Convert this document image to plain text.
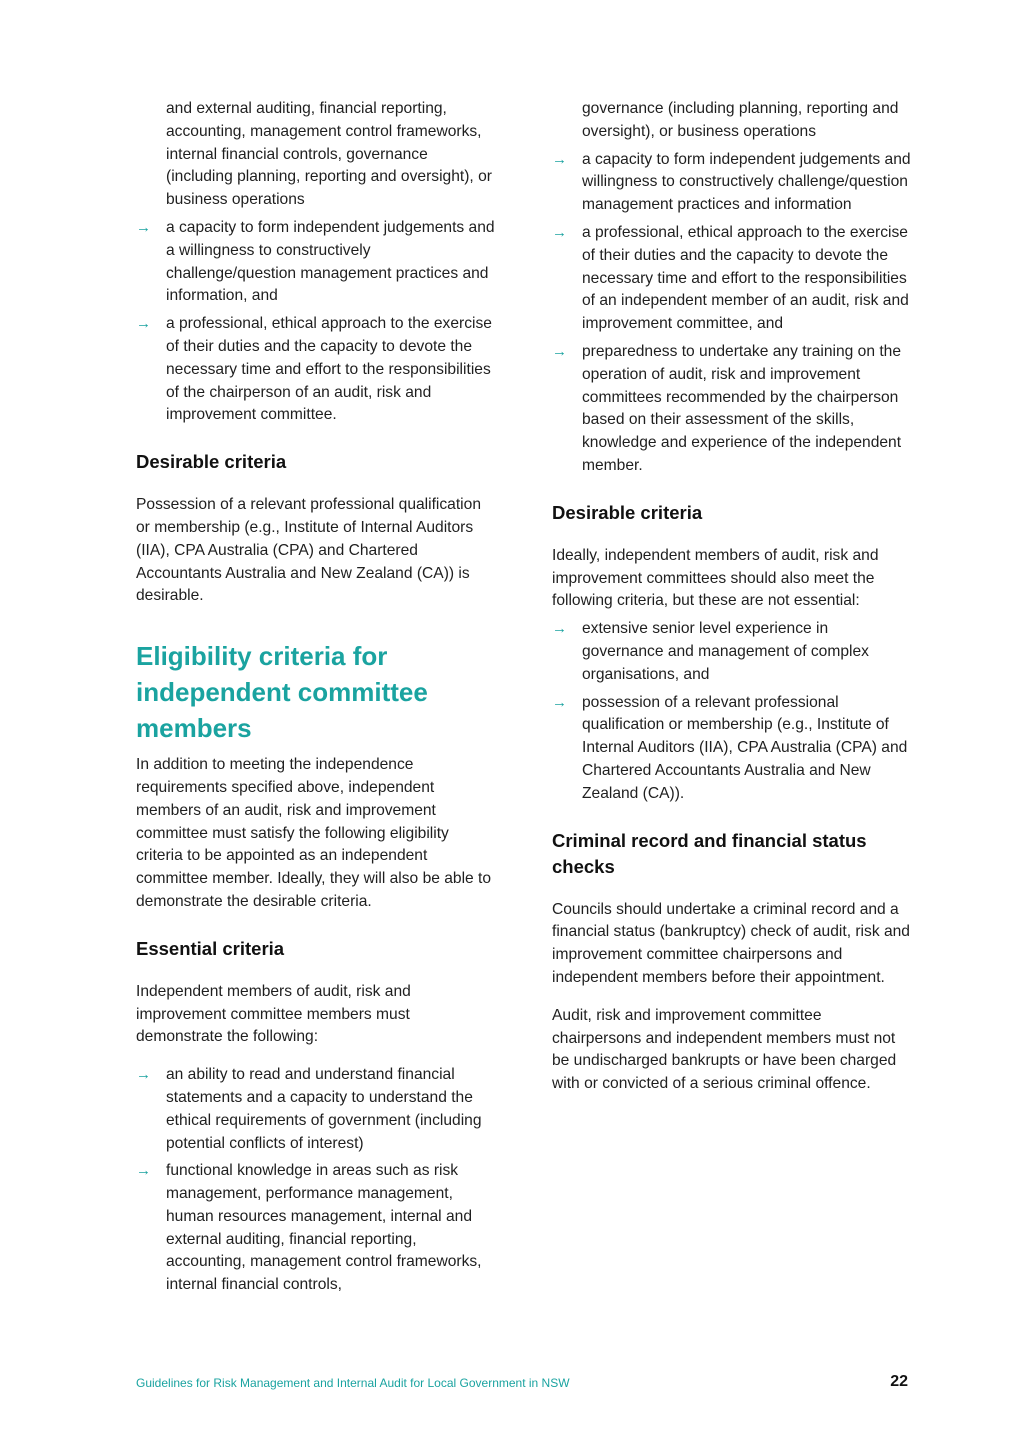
and external auditing, financial reporting, accounting, management control frameworks, internal financial controls, governance (including planning, reporting and oversight), or business operations
→ a capacity to form independent judgements and a willingness to constructively challenge/question management practices and information, and
→ a professional, ethical approach to the exercise of their duties and the capacity to devote the necessary time and effort to the responsibilities of the chairperson of an audit, risk and improvement committee.
Desirable criteria

Possession of a relevant professional qualification or membership (e.g., Institute of Internal Auditors (IIA), CPA Australia (CPA) and Chartered Accountants Australia and New Zealand (CA)) is desirable.

Eligibility criteria for independent committee members

In addition to meeting the independence requirements specified above, independent members of an audit, risk and improvement committee must satisfy the following eligibility criteria to be appointed as an independent committee member. Ideally, they will also be able to demonstrate the desirable criteria.

Essential criteria

Independent members of audit, risk and improvement committee members must demonstrate the following:

→ an ability to read and understand financial statements and a capacity to understand the ethical requirements of government (including potential conflicts of interest)
→ functional knowledge in areas such as risk management, performance management, human resources management, internal and external auditing, financial reporting, accounting, management control frameworks, internal financial controls,
governance (including planning, reporting and oversight), or business operations
→ a capacity to form independent judgements and willingness to constructively challenge/question management practices and information
→ a professional, ethical approach to the exercise of their duties and the capacity to devote the necessary time and effort to the responsibilities of an independent member of an audit, risk and improvement committee, and
→ preparedness to undertake any training on the operation of audit, risk and improvement committees recommended by the chairperson based on their assessment of the skills, knowledge and experience of the independent member.
Desirable criteria

Ideally, independent members of audit, risk and improvement committees should also meet the following criteria, but these are not essential:

→ extensive senior level experience in governance and management of complex organisations, and
→ possession of a relevant professional qualification or membership (e.g., Institute of Internal Auditors (IIA), CPA Australia (CPA) and Chartered Accountants Australia and New Zealand (CA)).
Criminal record and financial status checks

Councils should undertake a criminal record and a financial status (bankruptcy) check of audit, risk and improvement committee chairpersons and independent members before their appointment.

Audit, risk and improvement committee chairpersons and independent members must not be undischarged bankrupts or have been charged with or convicted of a serious criminal offence.

Guidelines for Risk Management and Internal Audit for Local Government in NSW	22
